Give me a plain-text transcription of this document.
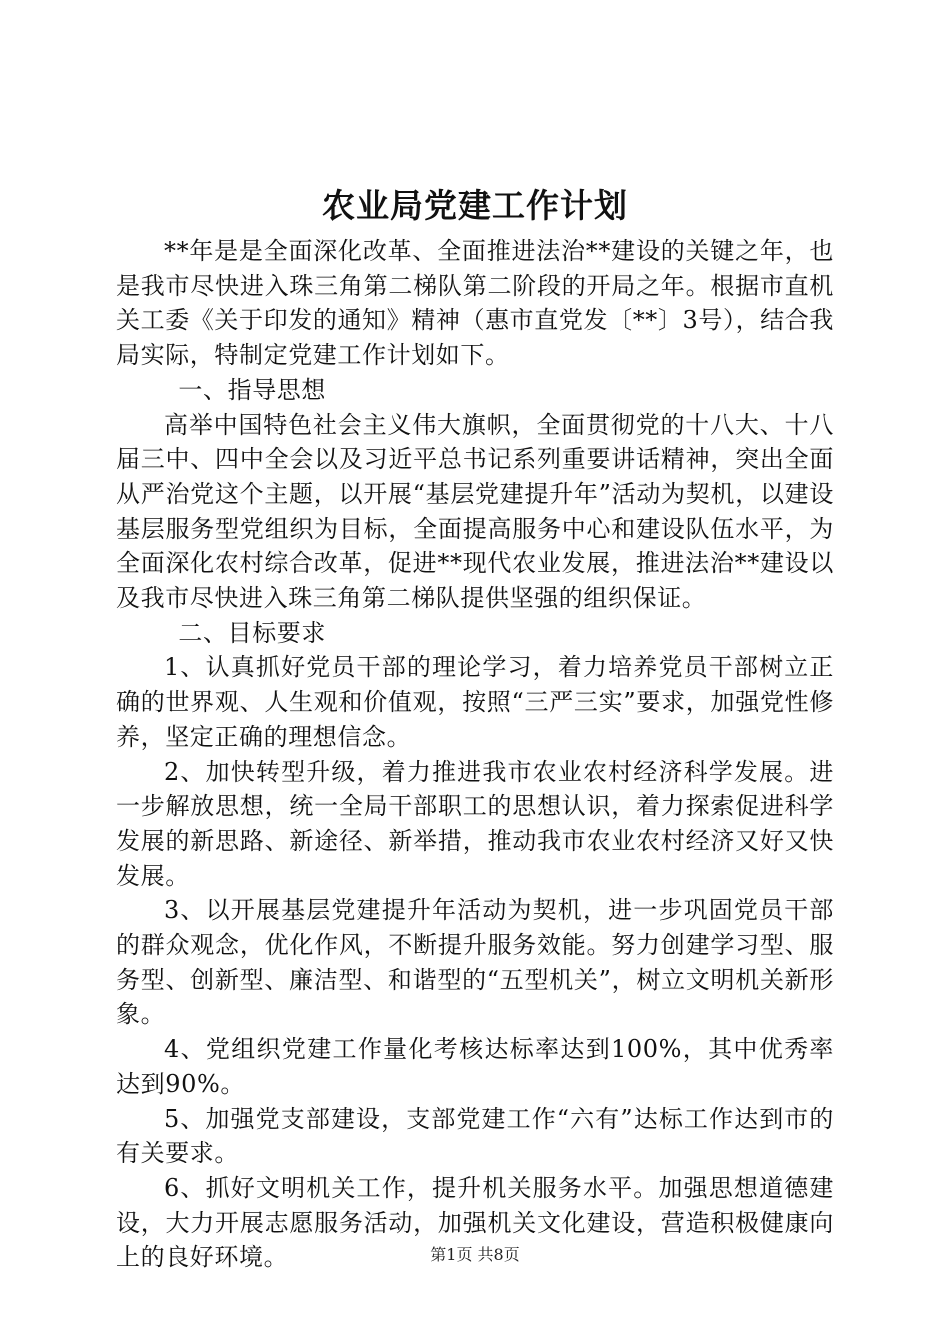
农业局党建工作计划

**年是是全面深化改革、全面推进法治**建设的关键之年，也是我市尽快进入珠三角第二梯队第二阶段的开局之年。根据市直机关工委《关于印发的通知》精神（惠市直党发〔**〕3号），结合我局实际，特制定党建工作计划如下。

一、指导思想

高举中国特色社会主义伟大旗帜，全面贯彻党的十八大、十八届三中、四中全会以及习近平总书记系列重要讲话精神，突出全面从严治党这个主题，以开展“基层党建提升年”活动为契机，以建设基层服务型党组织为目标，全面提高服务中心和建设队伍水平，为全面深化农村综合改革，促进**现代农业发展，推进法治**建设以及我市尽快进入珠三角第二梯队提供坚强的组织保证。

二、目标要求

1、认真抓好党员干部的理论学习，着力培养党员干部树立正确的世界观、人生观和价值观，按照“三严三实”要求，加强党性修养，坚定正确的理想信念。

2、加快转型升级，着力推进我市农业农村经济科学发展。进一步解放思想，统一全局干部职工的思想认识，着力探索促进科学发展的新思路、新途径、新举措，推动我市农业农村经济又好又快发展。

3、以开展基层党建提升年活动为契机，进一步巩固党员干部的群众观念，优化作风，不断提升服务效能。努力创建学习型、服务型、创新型、廉洁型、和谐型的“五型机关”，树立文明机关新形象。

4、党组织党建工作量化考核达标率达到100%，其中优秀率达到90%。

5、加强党支部建设，支部党建工作“六有”达标工作达到市的有关要求。

6、抓好文明机关工作，提升机关服务水平。加强思想道德建设，大力开展志愿服务活动，加强机关文化建设，营造积极健康向上的良好环境。	第1页 共8页
